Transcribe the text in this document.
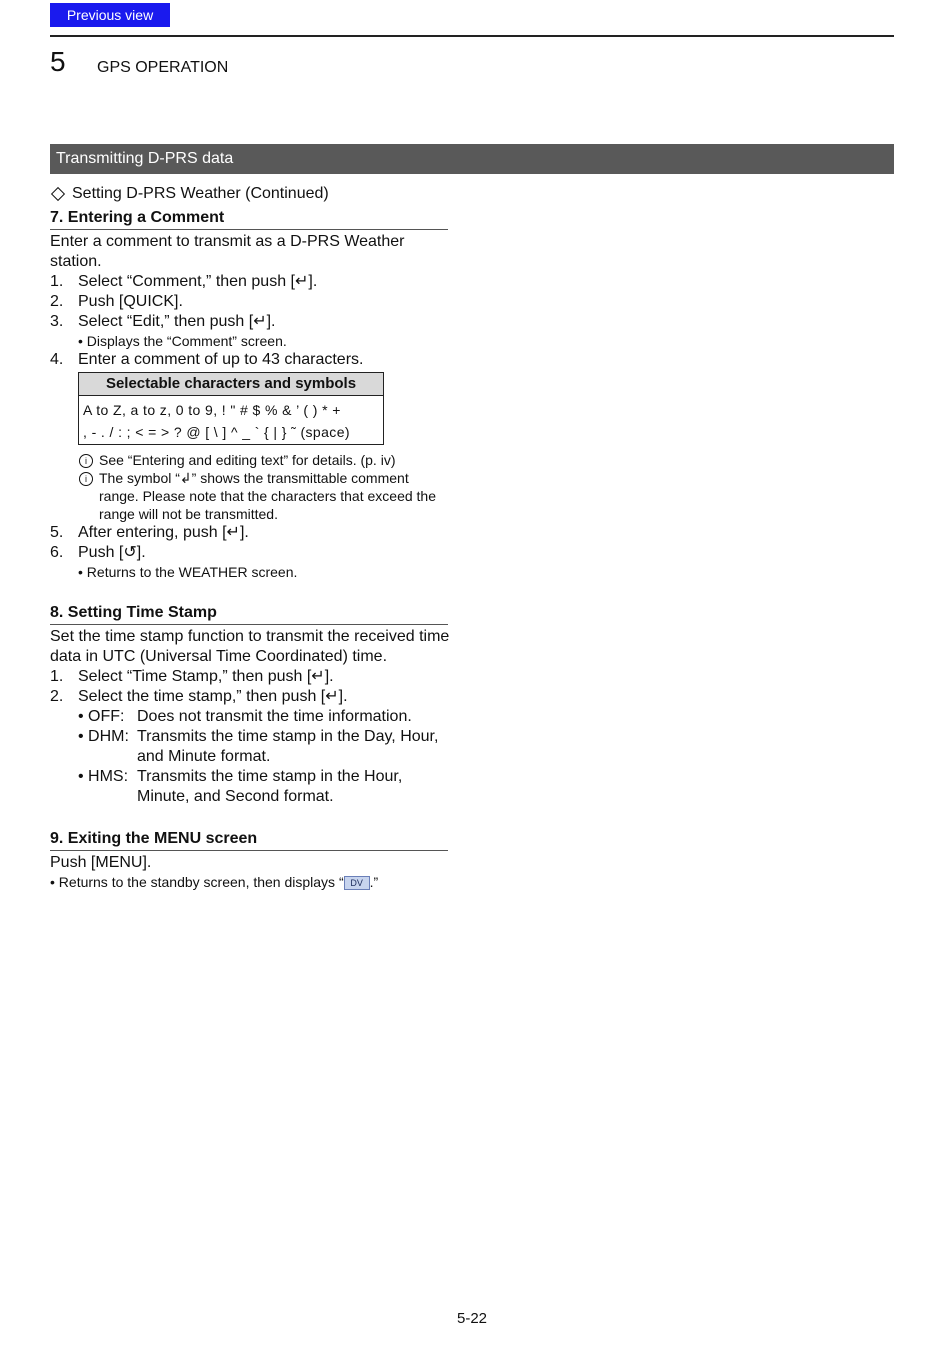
Previous view
5 GPS OPERATION
Transmitting D-PRS data
Setting D-PRS Weather (Continued)
7. Entering a Comment
Enter a comment to transmit as a D-PRS Weather station.
1. Select “Comment,” then push [↵].
2. Push [QUICK].
3. Select “Edit,” then push [↵].
• Displays the “Comment” screen.
4. Enter a comment of up to 43 characters.
Selectable characters and symbols
A to Z, a to z, 0 to 9, ! " # $ % & ’ ( ) * +
, - . / : ; < = > ? @ [ \ ] ^ _ ` { | } ˜ (space)
i See “Entering and editing text” for details. (p. iv)
i The symbol “↲” shows the transmittable comment range. Please note that the characters that exceed the range will not be transmitted.
5. After entering, push [↵].
6. Push [↺].
• Returns to the WEATHER screen.
8. Setting Time Stamp
Set the time stamp function to transmit the received time data in UTC (Universal Time Coordinated) time.
1. Select “Time Stamp,” then push [↵].
2. Select the time stamp,” then push [↵].
• OFF: Does not transmit the time information.
• DHM: Transmits the time stamp in the Day, Hour, and Minute format.
• HMS: Transmits the time stamp in the Hour, Minute, and Second format.
9. Exiting the MENU screen
Push [MENU].
• Returns to the standby screen, then displays “ DV .”
5-22
